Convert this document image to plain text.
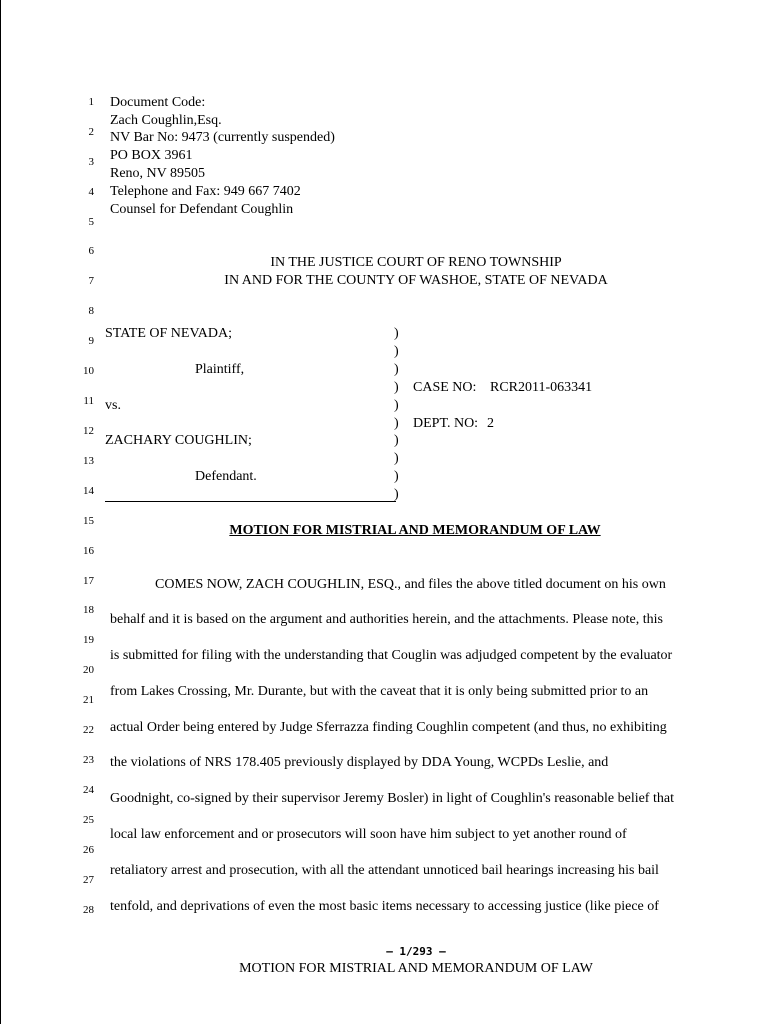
1
2
3
4
5
6
7
8
9
10
11
12
13
14
15
16
17
18
19
20
21
22
23
24
25
26
27
28
Document Code:
Zach Coughlin,Esq.
NV Bar No: 9473 (currently suspended)
PO BOX 3961
Reno, NV 89505
Telephone and Fax: 949 667 7402
Counsel for Defendant Coughlin
IN THE JUSTICE COURT OF RENO TOWNSHIP
IN AND FOR THE COUNTY OF WASHOE, STATE OF NEVADA
STATE OF NEVADA;
Plaintiff,
vs.
ZACHARY COUGHLIN;
Defendant.
)
)
)
)
)
)
)
)
)
)
CASE NO: RCR2011-063341
DEPT. NO: 2
MOTION FOR MISTRIAL AND MEMORANDUM OF LAW
COMES NOW, ZACH COUGHLIN, ESQ., and files the above titled document on his own
behalf and it is based on the argument and authorities herein, and the attachments. Please note, this
is submitted for filing with the understanding that Couglin was adjudged competent by the evaluator
from Lakes Crossing, Mr. Durante, but with the caveat that it is only being submitted prior to an
actual Order being entered by Judge Sferrazza finding Coughlin competent (and thus, no exhibiting
the violations of NRS 178.405 previously displayed by DDA Young, WCPDs Leslie, and
Goodnight, co-signed by their supervisor Jeremy Bosler) in light of Coughlin's reasonable belief that
local law enforcement and or prosecutors will soon have him subject to yet another round of
retaliatory arrest and prosecution, with all the attendant unnoticed bail hearings increasing his bail
tenfold, and deprivations of even the most basic items necessary to accessing justice (like piece of
– 1/293 –
MOTION FOR MISTRIAL AND MEMORANDUM OF LAW
